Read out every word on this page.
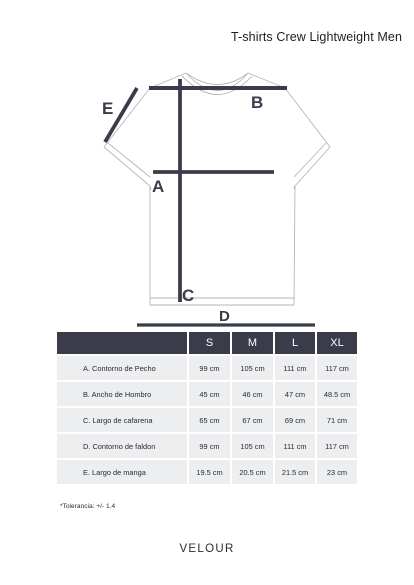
T-shirts Crew Lightweight Men
E	B
A
C
D
	S	M	L	XL
A. Contorno de Pecho	99 cm	105 cm	111 cm	117 cm
B. Ancho de Hombro	45 cm	46 cm	47 cm	48.5 cm
C. Largo de cafarena	65 cm	67 cm	69 cm	71 cm
D. Contorno de faldon	99 cm	105 cm	111 cm	117 cm
E. Largo de manga	19.5 cm	20.5 cm	21.5 cm	23 cm
*Tolerancia: +/- 1.4
VELOUR
